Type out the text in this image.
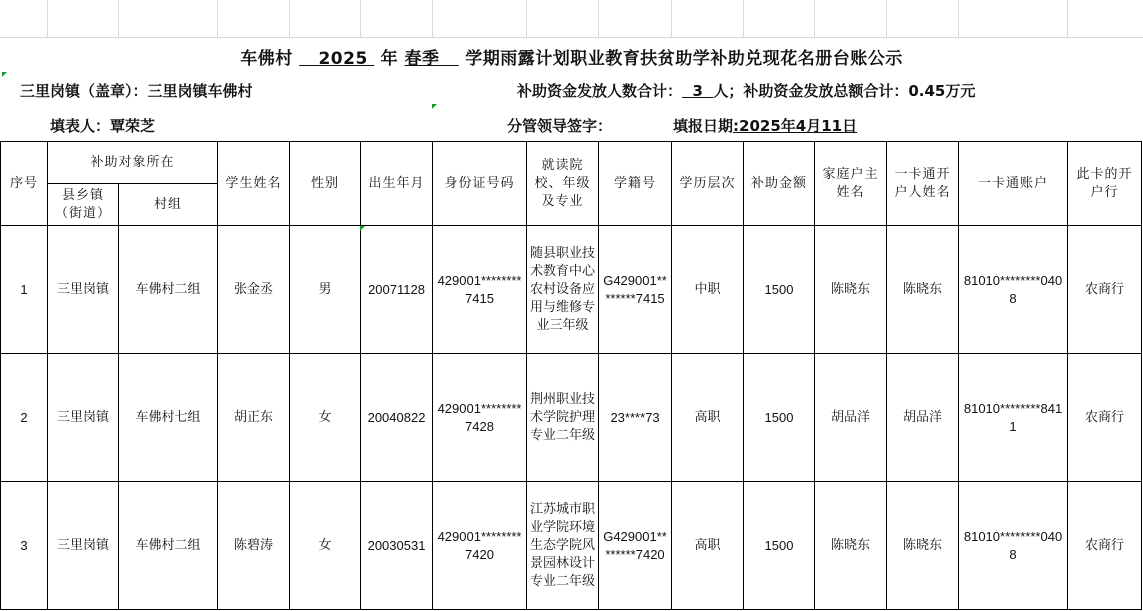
车佛村 2025 年 春季 学期雨露计划职业教育扶贫助学补助兑现花名册台账公示
三里岗镇（盖章）：三里岗镇车佛村	补助资金发放人数合计： 3 人；补助资金发放总额合计：0.45万元
填表人：覃荣芝	分管领导签字：	填报日期:2025年4月11日
序号	补助对象所在		学生姓名	性别	出生年月	身份证号码	就读院校、年级及专业	学籍号	学历层次	补助金额	家庭户主姓名	一卡通开户人姓名	一卡通账户	此卡的开户行
	县乡镇（街道）	村组												
1	三里岗镇	车佛村二组	张金丞	男	20071128	429001********7415	随县职业技术教育中心农村设备应用与维修专业三年级	G429001********7415	中职	1500	陈晓东	陈晓东	81010********0408	农商行
2	三里岗镇	车佛村七组	胡正东	女	20040822	429001********7428	荆州职业技术学院护理专业二年级	23****73	高职	1500	胡品洋	胡品洋	81010********8411	农商行
3	三里岗镇	车佛村二组	陈碧涛	女	20030531	429001********7420	江苏城市职业学院环境生态学院风景园林设计专业二年级	G429001********7420	高职	1500	陈晓东	陈晓东	81010********0408	农商行
